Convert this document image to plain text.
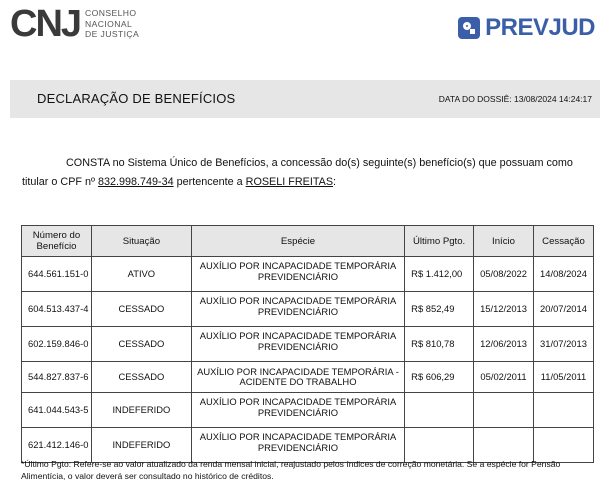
CNJ CONSELHO
NACIONAL
DE JUSTIÇA	PREVJUD
DECLARAÇÃO DE BENEFÍCIOS	DATA DO DOSSIÊ: 13/08/2024 14:24:17
CONSTA no Sistema Único de Benefícios, a concessão do(s) seguinte(s) benefício(s) que possuam como titular o CPF nº 832.998.749-34 pertencente a ROSELI FREITAS:
Número do Benefício	Situação	Espécie	Último Pgto.	Início	Cessação
644.561.151-0	ATIVO	AUXÍLIO POR INCAPACIDADE TEMPORÁRIA PREVIDENCIÁRIO	R$ 1.412,00	05/08/2022	14/08/2024
604.513.437-4	CESSADO	AUXÍLIO POR INCAPACIDADE TEMPORÁRIA PREVIDENCIÁRIO	R$ 852,49	15/12/2013	20/07/2014
602.159.846-0	CESSADO	AUXÍLIO POR INCAPACIDADE TEMPORÁRIA PREVIDENCIÁRIO	R$ 810,78	12/06/2013	31/07/2013
544.827.837-6	CESSADO	AUXÍLIO POR INCAPACIDADE TEMPORÁRIA - ACIDENTE DO TRABALHO	R$ 606,29	05/02/2011	11/05/2011
641.044.543-5	INDEFERIDO	AUXÍLIO POR INCAPACIDADE TEMPORÁRIA PREVIDENCIÁRIO			
621.412.146-0	INDEFERIDO	AUXÍLIO POR INCAPACIDADE TEMPORÁRIA PREVIDENCIÁRIO			
*Último Pgto: Refere-se ao valor atualizado da renda mensal inicial, reajustado pelos índices de correção monetária. Se a espécie for Pensão Alimentícia, o valor deverá ser consultado no histórico de créditos.
